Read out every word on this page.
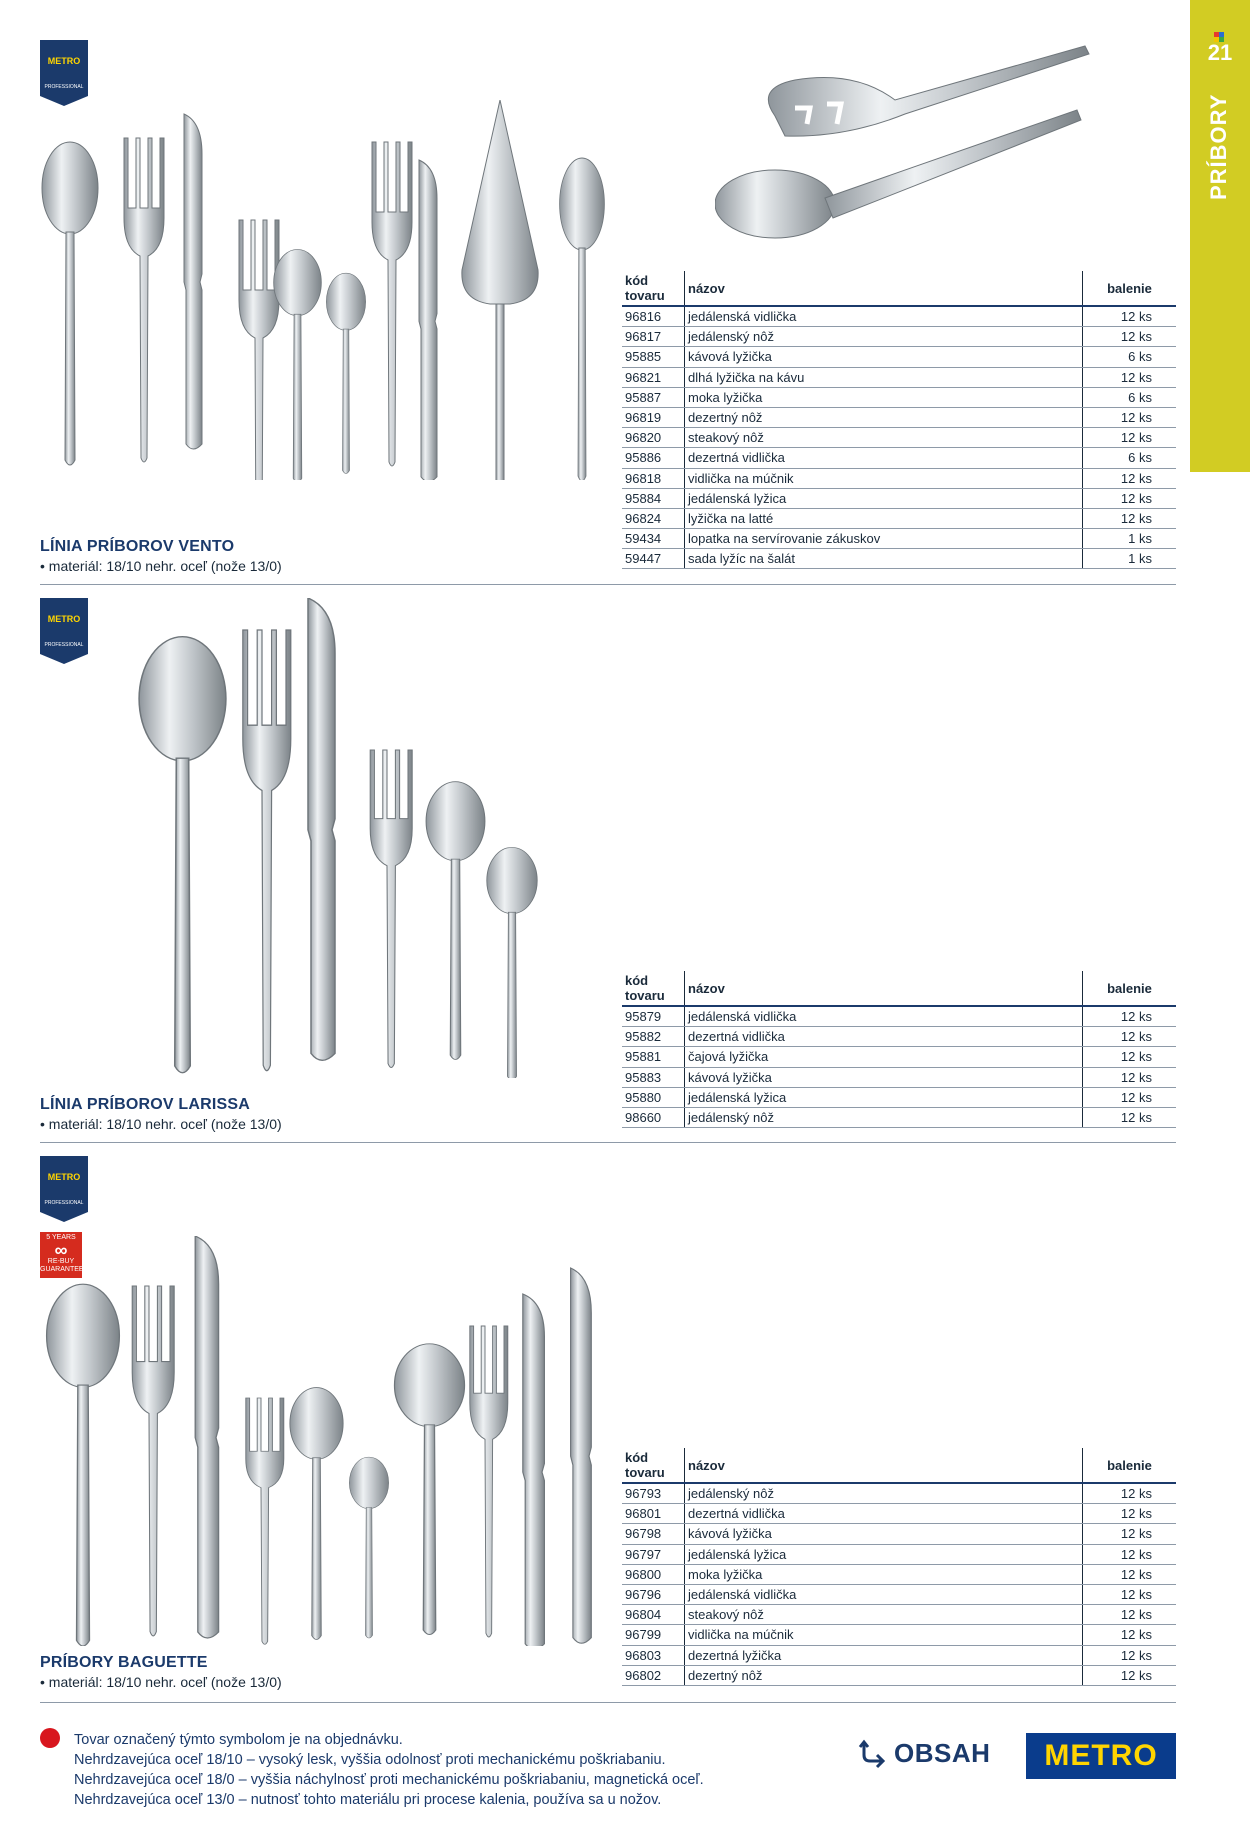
21
PRÍBORY
METRO
PROFESSIONAL
kód tovaru	názov	balenie
96816	jedálenská vidlička	12 ks
96817	jedálenský nôž	12 ks
95885	kávová lyžička	6 ks
96821	dlhá lyžička na kávu	12 ks
95887	moka lyžička	6 ks
96819	dezertný nôž	12 ks
96820	steakový nôž	12 ks
95886	dezertná vidlička	6 ks
96818	vidlička na múčnik	12 ks
95884	jedálenská lyžica	12 ks
96824	lyžička na latté	12 ks
59434	lopatka na servírovanie zákuskov	1 ks
59447	sada lyžíc na šalát	1 ks
LÍNIA PRÍBOROV VENTO
• materiál: 18/10 nehr. oceľ (nože 13/0)
METRO
PROFESSIONAL
kód tovaru	názov	balenie
95879	jedálenská vidlička	12 ks
95882	dezertná vidlička	12 ks
95881	čajová lyžička	12 ks
95883	kávová lyžička	12 ks
95880	jedálenská lyžica	12 ks
98660	jedálenský nôž	12 ks
LÍNIA PRÍBOROV LARISSA
• materiál: 18/10 nehr. oceľ (nože 13/0)
METRO
PROFESSIONAL
5 YEARS
∞
RE-BUY
GUARANTEE
kód tovaru	názov	balenie
96793	jedálenský nôž	12 ks
96801	dezertná vidlička	12 ks
96798	kávová lyžička	12 ks
96797	jedálenská lyžica	12 ks
96800	moka lyžička	12 ks
96796	jedálenská vidlička	12 ks
96804	steakový nôž	12 ks
96799	vidlička na múčnik	12 ks
96803	dezertná lyžička	12 ks
96802	dezertný nôž	12 ks
PRÍBORY BAGUETTE
• materiál: 18/10 nehr. oceľ (nože 13/0)
Tovar označený týmto symbolom je na objednávku.
Nehrdzavejúca oceľ 18/10 – vysoký lesk, vyššia odolnosť proti mechanickému poškriabaniu.
Nehrdzavejúca oceľ 18/0 – vyššia náchylnosť proti mechanickému poškriabaniu, magnetická oceľ.
Nehrdzavejúca oceľ 13/0 – nutnosť tohto materiálu pri procese kalenia, používa sa u nožov.
OBSAH METRO
